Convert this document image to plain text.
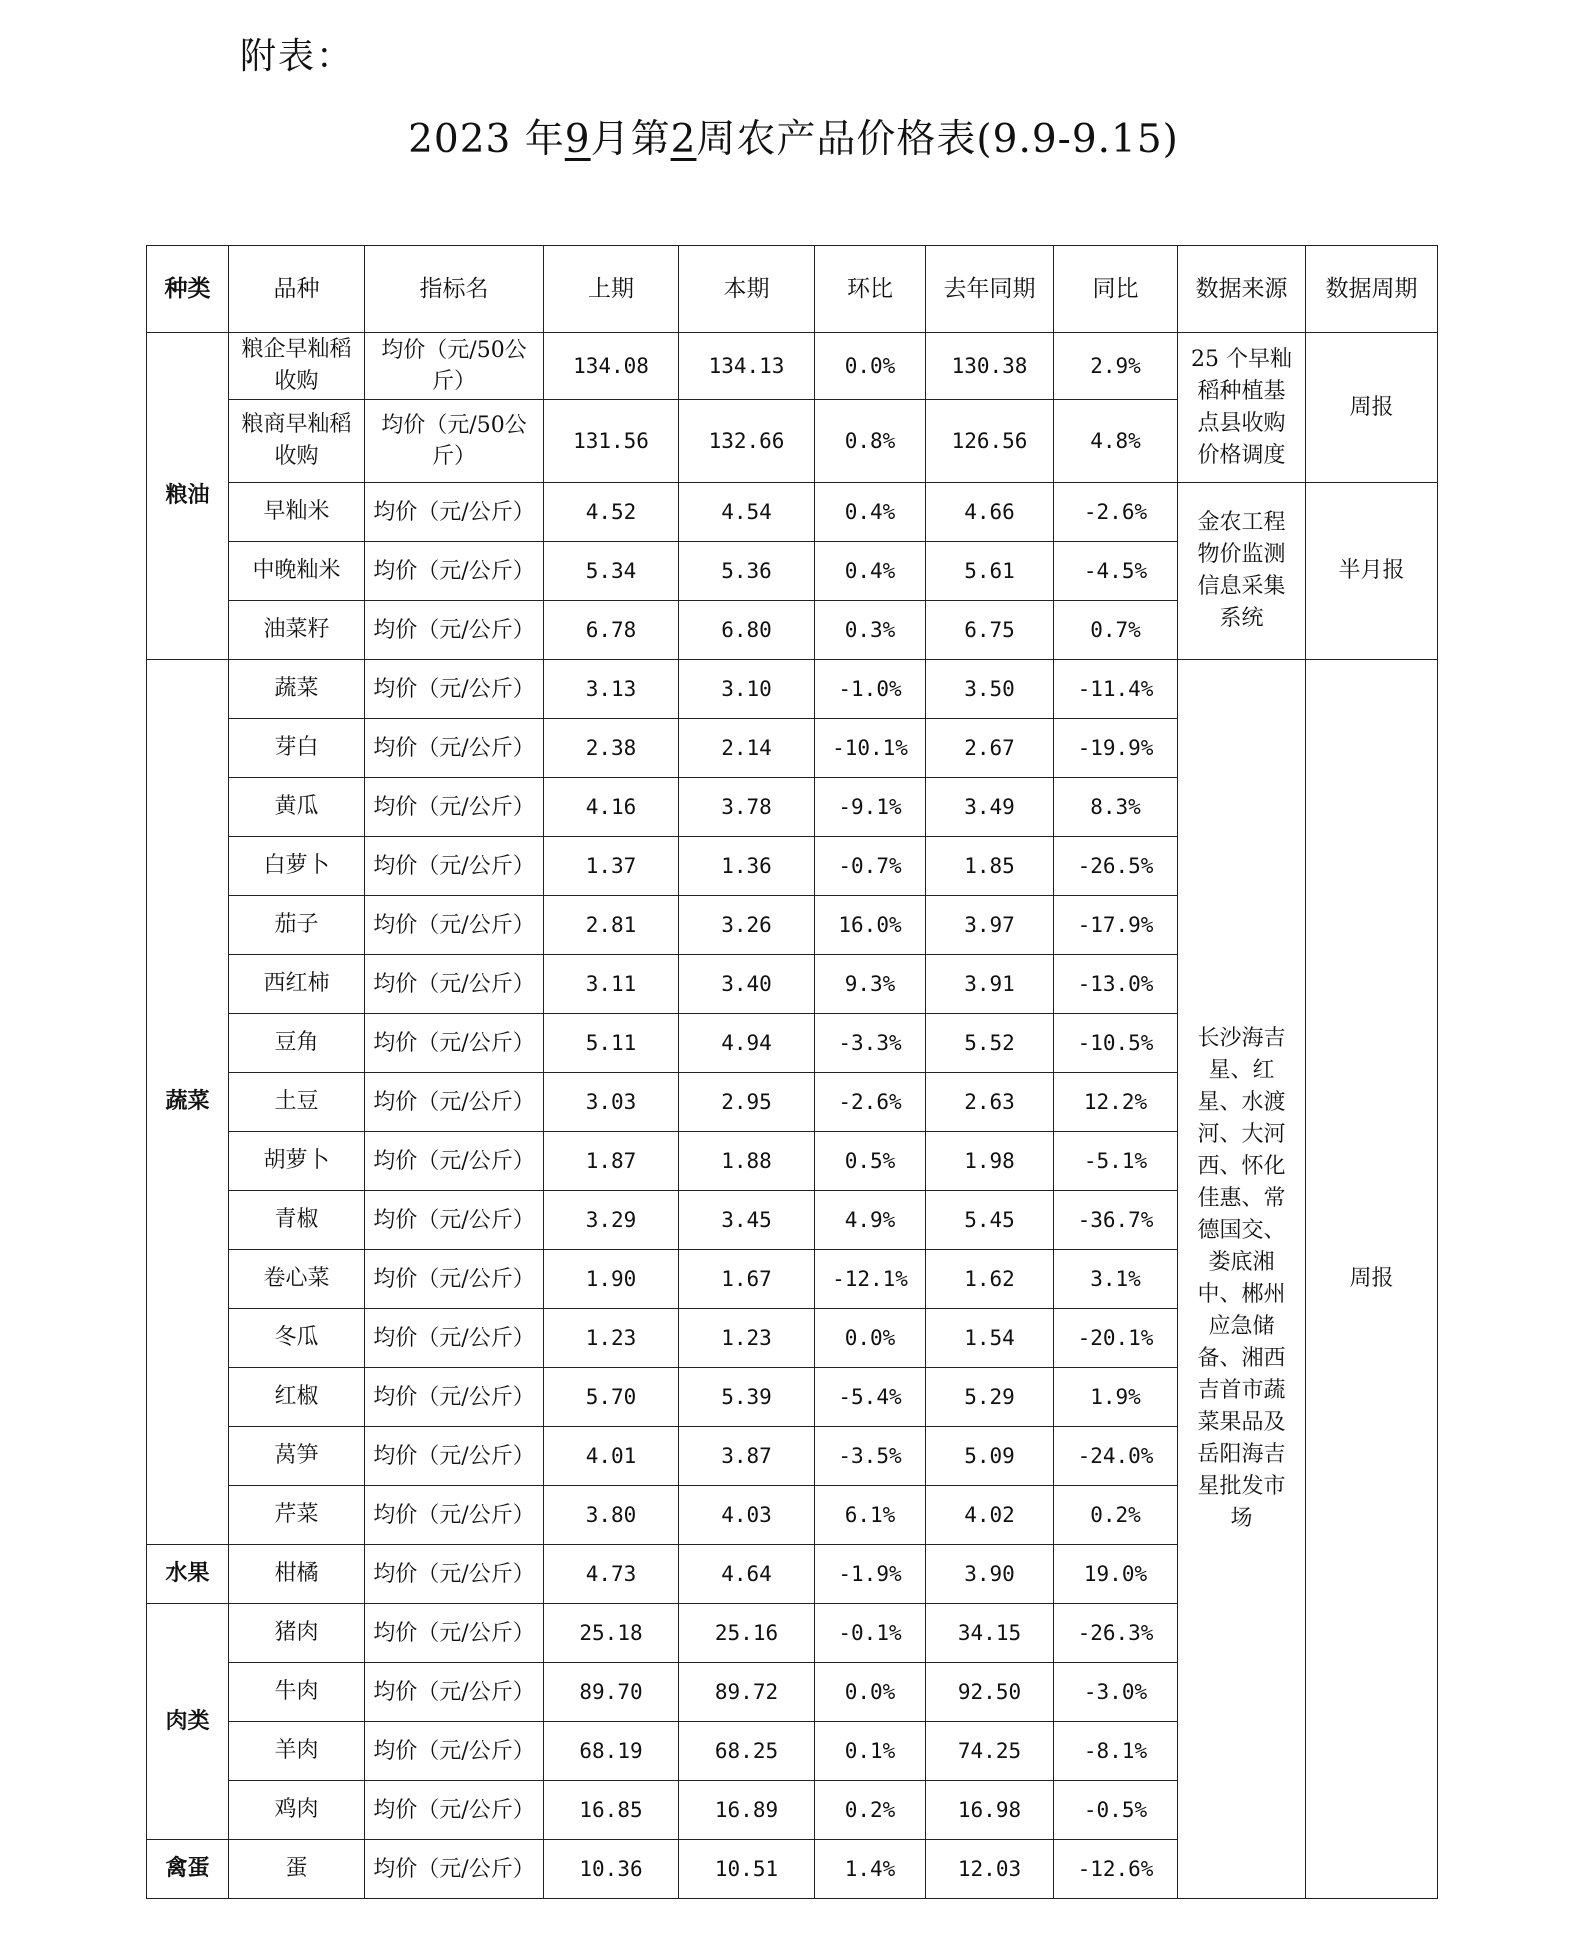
附表：
2023 年9月第2周农产品价格表(9.9-9.15)
种类	品种	指标名	上期	本期	环比	去年同期	同比	数据来源	数据周期
粮油	粮企早籼稻收购	均价（元/50公斤）	134.08	134.13	0.0%	130.38	2.9%	25 个早籼稻种植基点县收购价格调度	周报
	粮商早籼稻收购	均价（元/50公斤）	131.56	132.66	0.8%	126.56	4.8%		
	早籼米	均价（元/公斤）	4.52	4.54	0.4%	4.66	-2.6%	金农工程物价监测信息采集系统	半月报
	中晚籼米	均价（元/公斤）	5.34	5.36	0.4%	5.61	-4.5%		
	油菜籽	均价（元/公斤）	6.78	6.80	0.3%	6.75	0.7%		
蔬菜	蔬菜	均价（元/公斤）	3.13	3.10	-1.0%	3.50	-11.4%	长沙海吉星、红星、水渡河、大河西、怀化佳惠、常德国交、娄底湘中、郴州应急储备、湘西吉首市蔬菜果品及岳阳海吉星批发市场	周报
	芽白	均价（元/公斤）	2.38	2.14	-10.1%	2.67	-19.9%		
	黄瓜	均价（元/公斤）	4.16	3.78	-9.1%	3.49	8.3%		
	白萝卜	均价（元/公斤）	1.37	1.36	-0.7%	1.85	-26.5%		
	茄子	均价（元/公斤）	2.81	3.26	16.0%	3.97	-17.9%		
	西红柿	均价（元/公斤）	3.11	3.40	9.3%	3.91	-13.0%		
	豆角	均价（元/公斤）	5.11	4.94	-3.3%	5.52	-10.5%		
	土豆	均价（元/公斤）	3.03	2.95	-2.6%	2.63	12.2%		
	胡萝卜	均价（元/公斤）	1.87	1.88	0.5%	1.98	-5.1%		
	青椒	均价（元/公斤）	3.29	3.45	4.9%	5.45	-36.7%		
	卷心菜	均价（元/公斤）	1.90	1.67	-12.1%	1.62	3.1%		
	冬瓜	均价（元/公斤）	1.23	1.23	0.0%	1.54	-20.1%		
	红椒	均价（元/公斤）	5.70	5.39	-5.4%	5.29	1.9%		
	莴笋	均价（元/公斤）	4.01	3.87	-3.5%	5.09	-24.0%		
	芹菜	均价（元/公斤）	3.80	4.03	6.1%	4.02	0.2%		
水果	柑橘	均价（元/公斤）	4.73	4.64	-1.9%	3.90	19.0%		
肉类	猪肉	均价（元/公斤）	25.18	25.16	-0.1%	34.15	-26.3%		
	牛肉	均价（元/公斤）	89.70	89.72	0.0%	92.50	-3.0%		
	羊肉	均价（元/公斤）	68.19	68.25	0.1%	74.25	-8.1%		
	鸡肉	均价（元/公斤）	16.85	16.89	0.2%	16.98	-0.5%		
禽蛋	蛋	均价（元/公斤）	10.36	10.51	1.4%	12.03	-12.6%		
